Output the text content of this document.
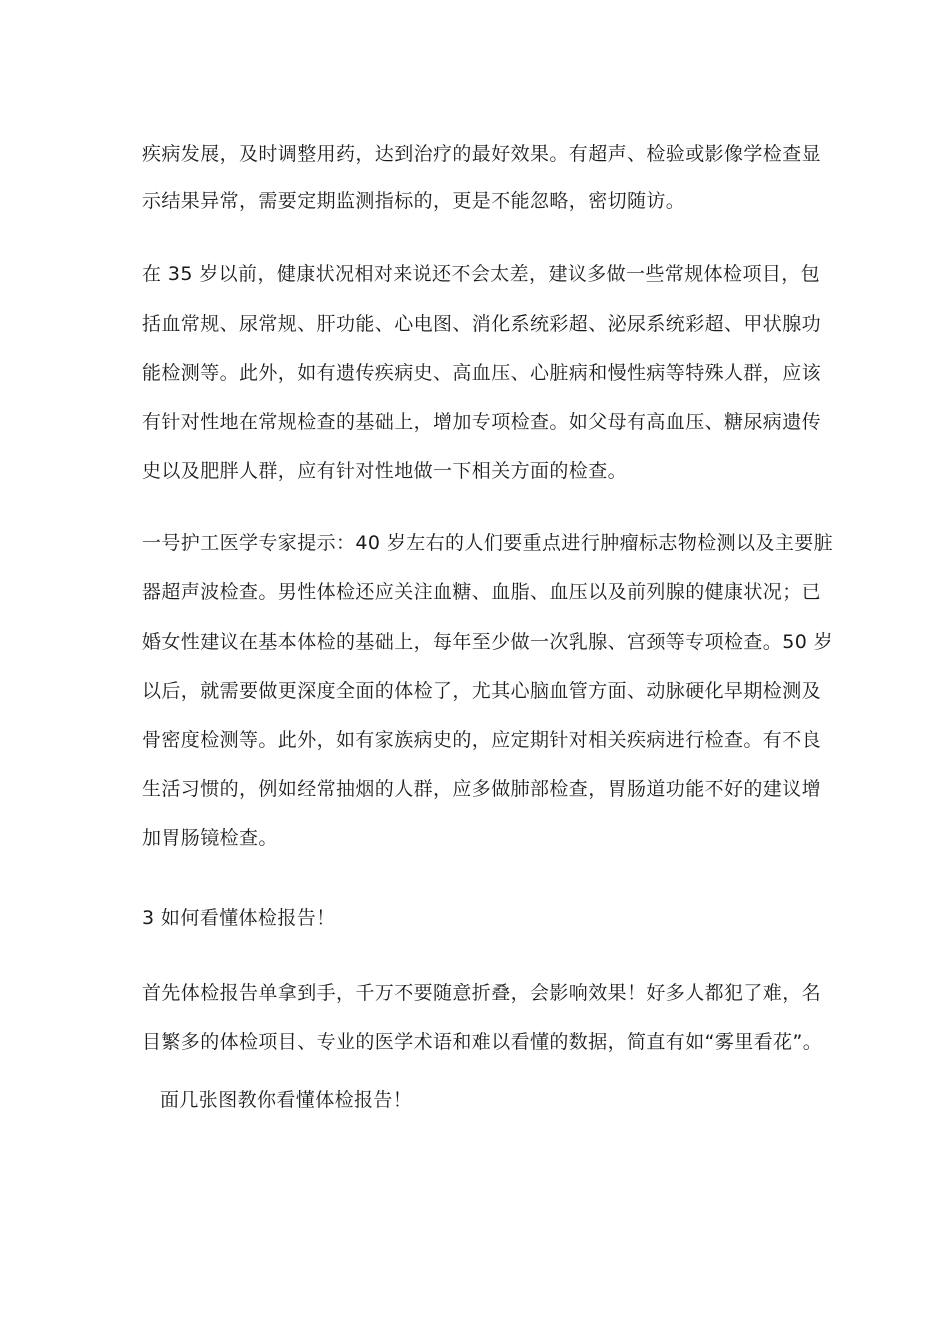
疾病发展，及时调整用药，达到治疗的最好效果。有超声、检验或影像学检查显
示结果异常，需要定期监测指标的，更是不能忽略，密切随访。
在 35 岁以前，健康状况相对来说还不会太差，建议多做一些常规体检项目，包
括血常规、尿常规、肝功能、心电图、消化系统彩超、泌尿系统彩超、甲状腺功
能检测等。此外，如有遗传疾病史、高血压、心脏病和慢性病等特殊人群，应该
有针对性地在常规检查的基础上，增加专项检查。如父母有高血压、糖尿病遗传
史以及肥胖人群，应有针对性地做一下相关方面的检查。
一号护工医学专家提示：40 岁左右的人们要重点进行肿瘤标志物检测以及主要脏
器超声波检查。男性体检还应关注血糖、血脂、血压以及前列腺的健康状况；已
婚女性建议在基本体检的基础上，每年至少做一次乳腺、宫颈等专项检查。50 岁
以后，就需要做更深度全面的体检了，尤其心脑血管方面、动脉硬化早期检测及
骨密度检测等。此外，如有家族病史的，应定期针对相关疾病进行检查。有不良
生活习惯的，例如经常抽烟的人群，应多做肺部检查，胃肠道功能不好的建议增
加胃肠镜检查。
3 如何看懂体检报告！
首先体检报告单拿到手，千万不要随意折叠，会影响效果！好多人都犯了难，名
目繁多的体检项目、专业的医学术语和难以看懂的数据，简直有如“雾里看花”。
面几张图教你看懂体检报告！
